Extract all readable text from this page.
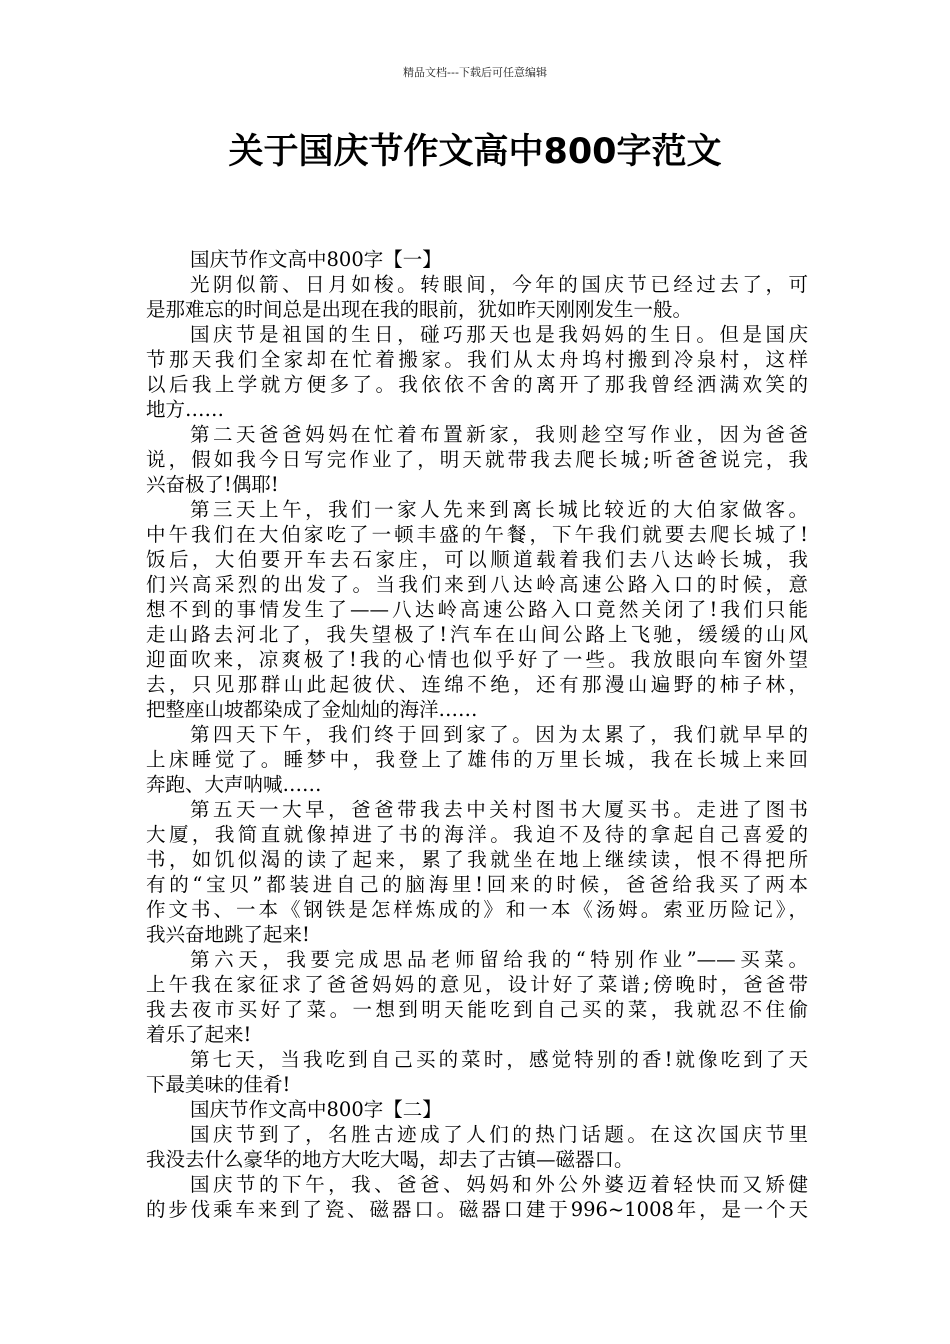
精品文档---下载后可任意编辑
关于国庆节作文高中800字范文
国庆节作文高中800字【一】
光阴似箭、日月如梭。转眼间，今年的国庆节已经过去了，可
是那难忘的时间总是出现在我的眼前，犹如昨天刚刚发生一般。
国庆节是祖国的生日，碰巧那天也是我妈妈的生日。但是国庆
节那天我们全家却在忙着搬家。我们从太舟坞村搬到冷泉村，这样
以后我上学就方便多了。我依依不舍的离开了那我曾经洒满欢笑的
地方……
第二天爸爸妈妈在忙着布置新家，我则趁空写作业，因为爸爸
说，假如我今日写完作业了，明天就带我去爬长城;听爸爸说完，我
兴奋极了!偶耶!
第三天上午，我们一家人先来到离长城比较近的大伯家做客。
中午我们在大伯家吃了一顿丰盛的午餐，下午我们就要去爬长城了!
饭后，大伯要开车去石家庄，可以顺道载着我们去八达岭长城，我
们兴高采烈的出发了。当我们来到八达岭高速公路入口的时候，意
想不到的事情发生了——八达岭高速公路入口竟然关闭了!我们只能
走山路去河北了，我失望极了!汽车在山间公路上飞驰，缓缓的山风
迎面吹来，凉爽极了!我的心情也似乎好了一些。我放眼向车窗外望
去，只见那群山此起彼伏、连绵不绝，还有那漫山遍野的柿子林，
把整座山坡都染成了金灿灿的海洋……
第四天下午，我们终于回到家了。因为太累了，我们就早早的
上床睡觉了。睡梦中，我登上了雄伟的万里长城，我在长城上来回
奔跑、大声呐喊……
第五天一大早，爸爸带我去中关村图书大厦买书。走进了图书
大厦，我简直就像掉进了书的海洋。我迫不及待的拿起自己喜爱的
书，如饥似渴的读了起来，累了我就坐在地上继续读，恨不得把所
有的“宝贝”都装进自己的脑海里!回来的时候，爸爸给我买了两本
作文书、一本《钢铁是怎样炼成的》和一本《汤姆。索亚历险记》，
我兴奋地跳了起来!
第六天，我要完成思品老师留给我的“特别作业”——买菜。
上午我在家征求了爸爸妈妈的意见，设计好了菜谱;傍晚时，爸爸带
我去夜市买好了菜。一想到明天能吃到自己买的菜，我就忍不住偷
着乐了起来!
第七天，当我吃到自己买的菜时，感觉特别的香!就像吃到了天
下最美味的佳肴!
国庆节作文高中800字【二】
国庆节到了，名胜古迹成了人们的热门话题。在这次国庆节里
我没去什么豪华的地方大吃大喝，却去了古镇—磁器口。
国庆节的下午，我、爸爸、妈妈和外公外婆迈着轻快而又矫健
的步伐乘车来到了瓷、磁器口。磁器口建于996~1008年，是一个天
